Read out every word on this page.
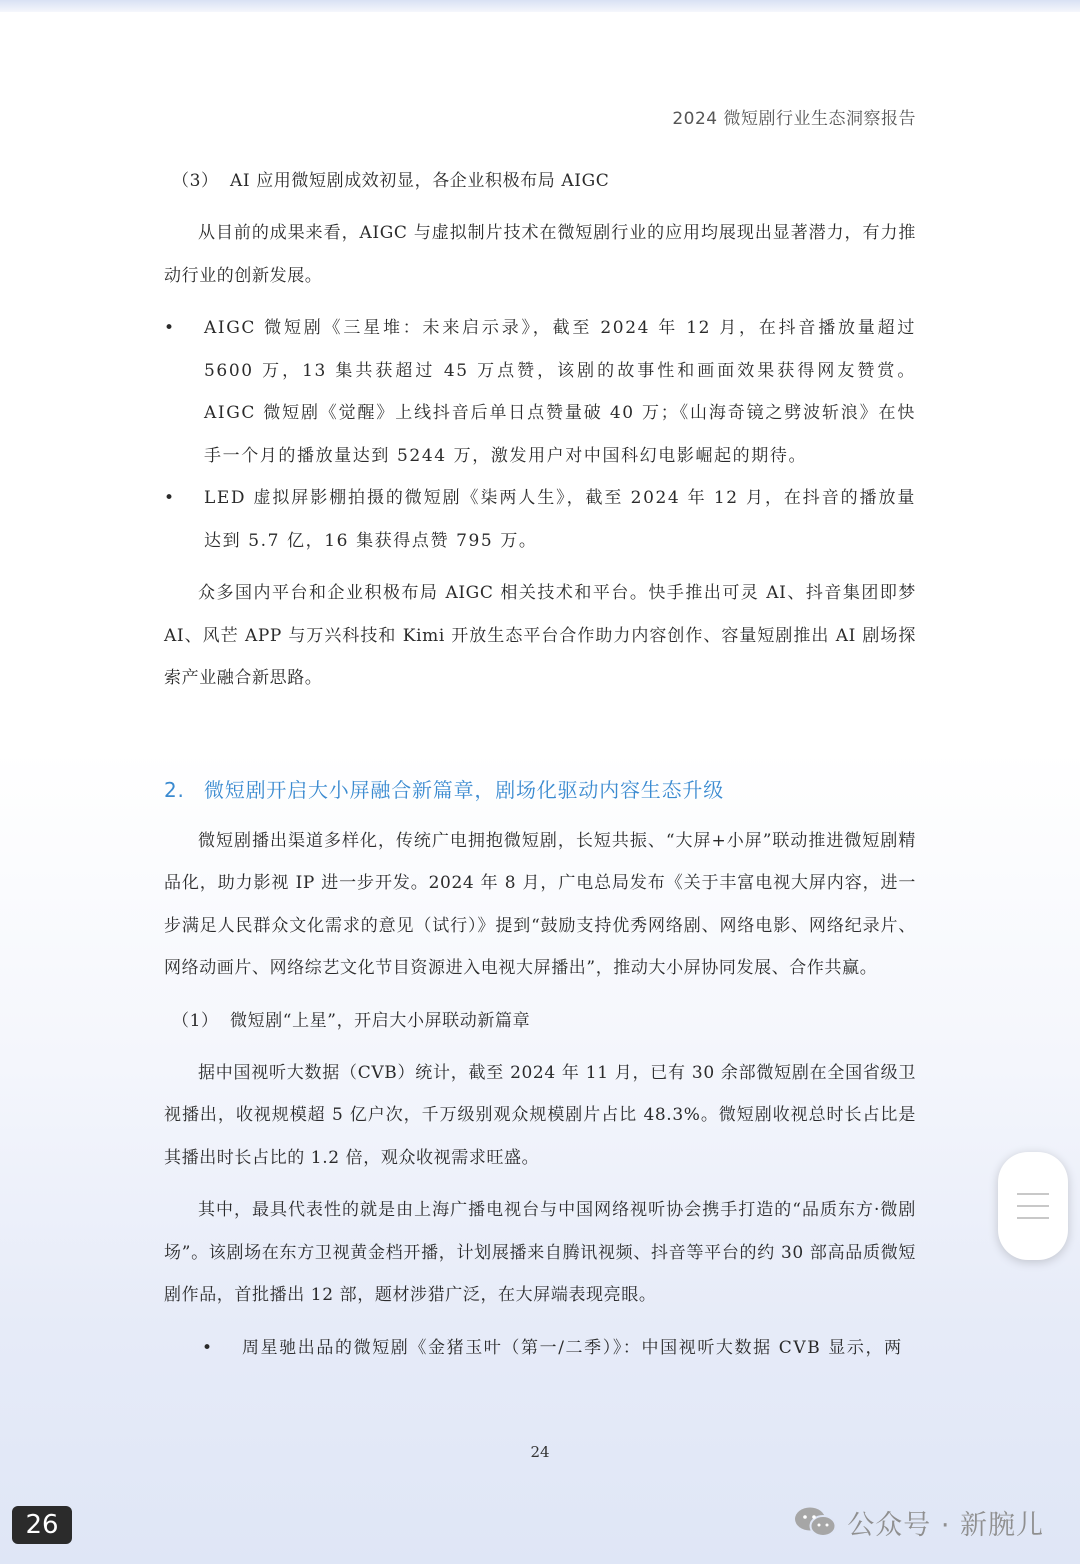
2024 微短剧行业生态洞察报告

（3） AI 应用微短剧成效初显，各企业积极布局 AIGC

从目前的成果来看，AIGC 与虚拟制片技术在微短剧行业的应用均展现出显著潜力，有力推动行业的创新发展。

• AIGC 微短剧《三星堆：未来启示录》，截至 2024 年 12 月，在抖音播放量超过 5600 万，13 集共获超过 45 万点赞，该剧的故事性和画面效果获得网友赞赏。AIGC 微短剧《觉醒》上线抖音后单日点赞量破 40 万；《山海奇镜之劈波斩浪》在快手一个月的播放量达到 5244 万，激发用户对中国科幻电影崛起的期待。

• LED 虚拟屏影棚拍摄的微短剧《柒两人生》，截至 2024 年 12 月，在抖音的播放量达到 5.7 亿，16 集获得点赞 795 万。

众多国内平台和企业积极布局 AIGC 相关技术和平台。快手推出可灵 AI、抖音集团即梦 AI、风芒 APP 与万兴科技和 Kimi 开放生态平台合作助力内容创作、容量短剧推出 AI 剧场探索产业融合新思路。

2. 微短剧开启大小屏融合新篇章，剧场化驱动内容生态升级

微短剧播出渠道多样化，传统广电拥抱微短剧，长短共振、“大屏+小屏”联动推进微短剧精品化，助力影视 IP 进一步开发。2024 年 8 月，广电总局发布《关于丰富电视大屏内容，进一步满足人民群众文化需求的意见（试行）》提到“鼓励支持优秀网络剧、网络电影、网络纪录片、网络动画片、网络综艺文化节目资源进入电视大屏播出”，推动大小屏协同发展、合作共赢。

（1） 微短剧“上星”，开启大小屏联动新篇章

据中国视听大数据（CVB）统计，截至 2024 年 11 月，已有 30 余部微短剧在全国省级卫视播出，收视规模超 5 亿户次，千万级别观众规模剧片占比 48.3%。微短剧收视总时长占比是其播出时长占比的 1.2 倍，观众收视需求旺盛。

其中，最具代表性的就是由上海广播电视台与中国网络视听协会携手打造的“品质东方·微剧场”。该剧场在东方卫视黄金档开播，计划展播来自腾讯视频、抖音等平台的约 30 部高品质微短剧作品，首批播出 12 部，题材涉猎广泛，在大屏端表现亮眼。

• 周星驰出品的微短剧《金猪玉叶（第一/二季）》：中国视听大数据 CVB 显示，两

24
26	公众号 · 新腕儿
